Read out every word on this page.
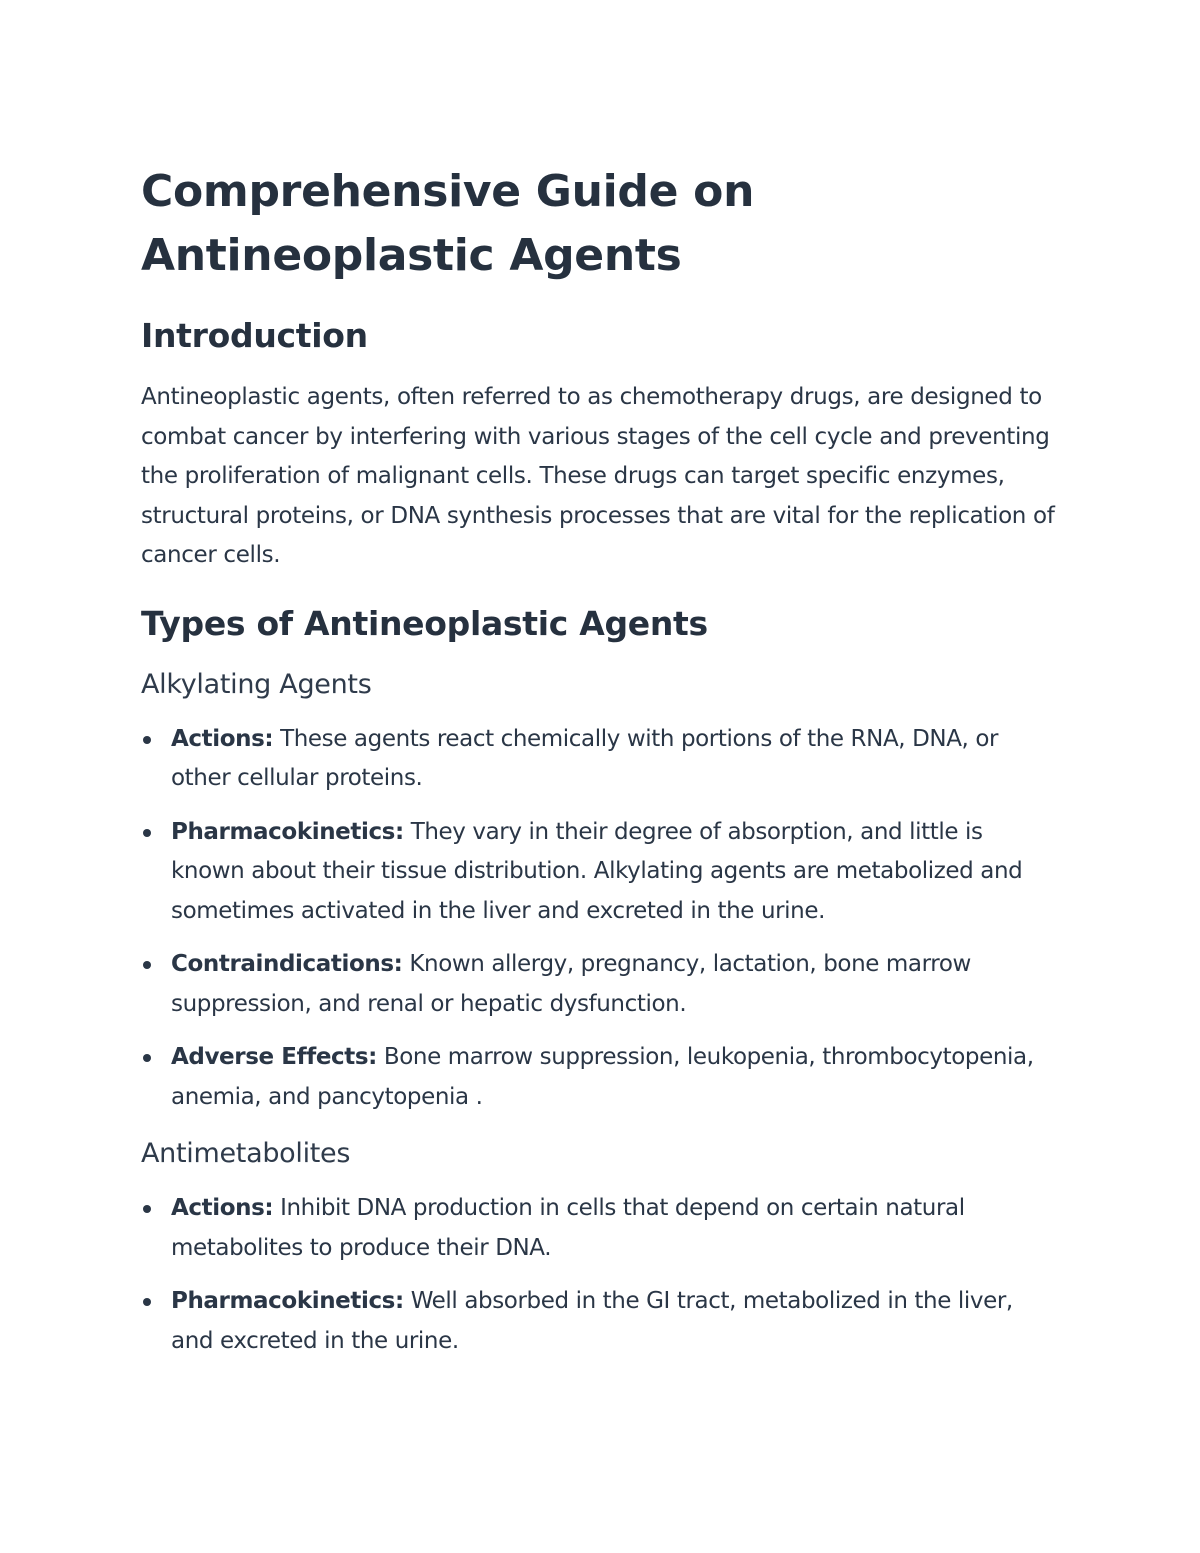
Comprehensive Guide on
Antineoplastic Agents
Introduction

Antineoplastic agents, often referred to as chemotherapy drugs, are designed to combat cancer by interfering with various stages of the cell cycle and preventing the proliferation of malignant cells. These drugs can target specific enzymes, structural proteins, or DNA synthesis processes that are vital for the replication of cancer cells.

Types of Antineoplastic Agents
Alkylating Agents
Actions: These agents react chemically with portions of the RNA, DNA, or other cellular proteins.
Pharmacokinetics: They vary in their degree of absorption, and little is known about their tissue distribution. Alkylating agents are metabolized and sometimes activated in the liver and excreted in the urine.
Contraindications: Known allergy, pregnancy, lactation, bone marrow suppression, and renal or hepatic dysfunction.
Adverse Effects: Bone marrow suppression, leukopenia, thrombocytopenia, anemia, and pancytopenia .
Antimetabolites
Actions: Inhibit DNA production in cells that depend on certain natural metabolites to produce their DNA.
Pharmacokinetics: Well absorbed in the GI tract, metabolized in the liver, and excreted in the urine.
